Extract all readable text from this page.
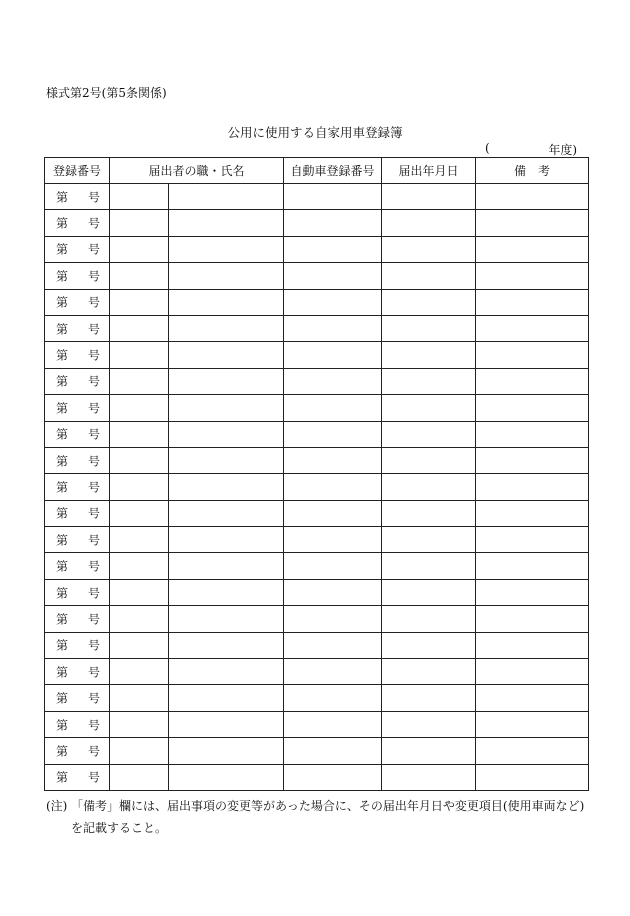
様式第2号(第5条関係)
公用に使用する自家用車登録簿
(	年度)
登録番号	届出者の職・氏名		自動車登録番号	届出年月日	備　考

第 号					

第 号					

第 号					

第 号					

第 号					

第 号					

第 号					

第 号					

第 号					

第 号					

第 号					

第 号					

第 号					

第 号					

第 号					

第 号					

第 号					

第 号					

第 号					

第 号					

第 号					

第 号					

第 号					

(注) 「備考」欄には、届出事項の変更等があった場合に、その届出年月日や変更項目(使用車両など)
を記載すること。
